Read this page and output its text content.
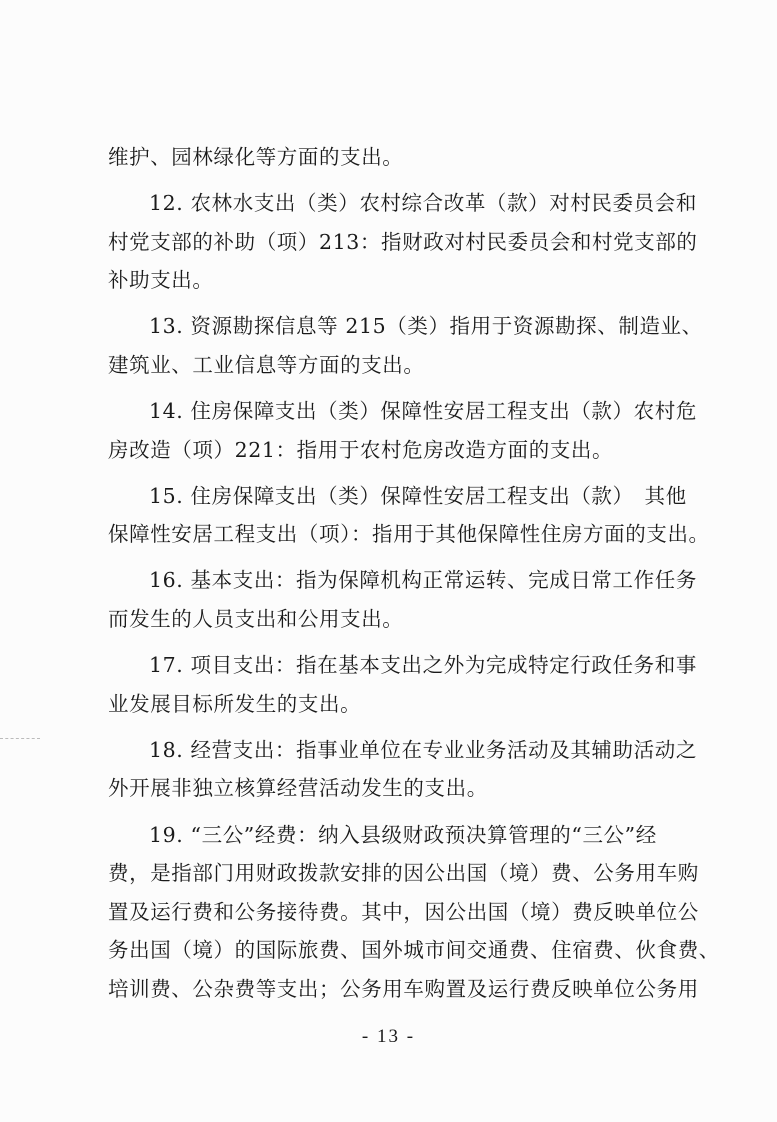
维护、园林绿化等方面的支出。
12. 农林水支出（类）农村综合改革（款）对村民委员会和
村党支部的补助（项）213：指财政对村民委员会和村党支部的
补助支出。
13. 资源勘探信息等 215（类）指用于资源勘探、制造业、
建筑业、工业信息等方面的支出。
14. 住房保障支出（类）保障性安居工程支出（款）农村危
房改造（项）221：指用于农村危房改造方面的支出。
15. 住房保障支出（类）保障性安居工程支出（款）　其他
保障性安居工程支出（项）：指用于其他保障性住房方面的支出。
16. 基本支出：指为保障机构正常运转、完成日常工作任务
而发生的人员支出和公用支出。
17. 项目支出：指在基本支出之外为完成特定行政任务和事
业发展目标所发生的支出。
18. 经营支出：指事业单位在专业业务活动及其辅助活动之
外开展非独立核算经营活动发生的支出。
19. “三公”经费：纳入县级财政预决算管理的“三公”经
费，是指部门用财政拨款安排的因公出国（境）费、公务用车购
置及运行费和公务接待费。其中，因公出国（境）费反映单位公
务出国（境）的国际旅费、国外城市间交通费、住宿费、伙食费、
培训费、公杂费等支出；公务用车购置及运行费反映单位公务用
- 13 -
